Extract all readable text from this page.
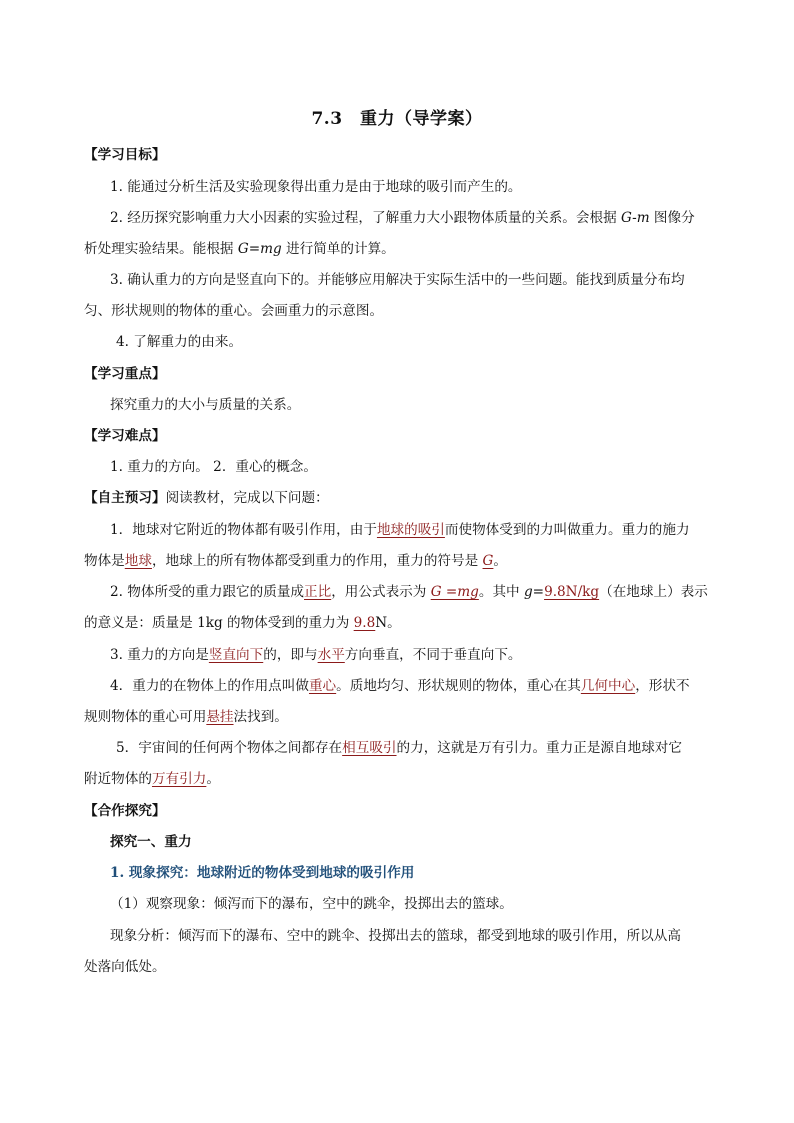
7.3　重力（导学案）
【学习目标】
1. 能通过分析生活及实验现象得出重力是由于地球的吸引而产生的。
2. 经历探究影响重力大小因素的实验过程，了解重力大小跟物体质量的关系。会根据 G-m 图像分
析处理实验结果。能根据 G=mg 进行简单的计算。
3. 确认重力的方向是竖直向下的。并能够应用解决于实际生活中的一些问题。能找到质量分布均
匀、形状规则的物体的重心。会画重力的示意图。
4. 了解重力的由来。
【学习重点】
探究重力的大小与质量的关系。
【学习难点】
1. 重力的方向。 2．重心的概念。
【自主预习】阅读教材，完成以下问题：
1．地球对它附近的物体都有吸引作用，由于地球的吸引而使物体受到的力叫做重力。重力的施力
物体是地球，地球上的所有物体都受到重力的作用，重力的符号是 G。
2. 物体所受的重力跟它的质量成正比，用公式表示为 G =mg。其中 g=9.8N/kg（在地球上）表示
的意义是：质量是 1kg 的物体受到的重力为 9.8N。
3. 重力的方向是竖直向下的，即与水平方向垂直，不同于垂直向下。
4．重力的在物体上的作用点叫做重心。质地均匀、形状规则的物体，重心在其几何中心，形状不
规则物体的重心可用悬挂法找到。
5．宇宙间的任何两个物体之间都存在相互吸引的力，这就是万有引力。重力正是源自地球对它
附近物体的万有引力。
【合作探究】
探究一、重力
1. 现象探究：地球附近的物体受到地球的吸引作用
（1）观察现象：倾泻而下的瀑布，空中的跳伞，投掷出去的篮球。
现象分析：倾泻而下的瀑布、空中的跳伞、投掷出去的篮球，都受到地球的吸引作用，所以从高
处落向低处。
